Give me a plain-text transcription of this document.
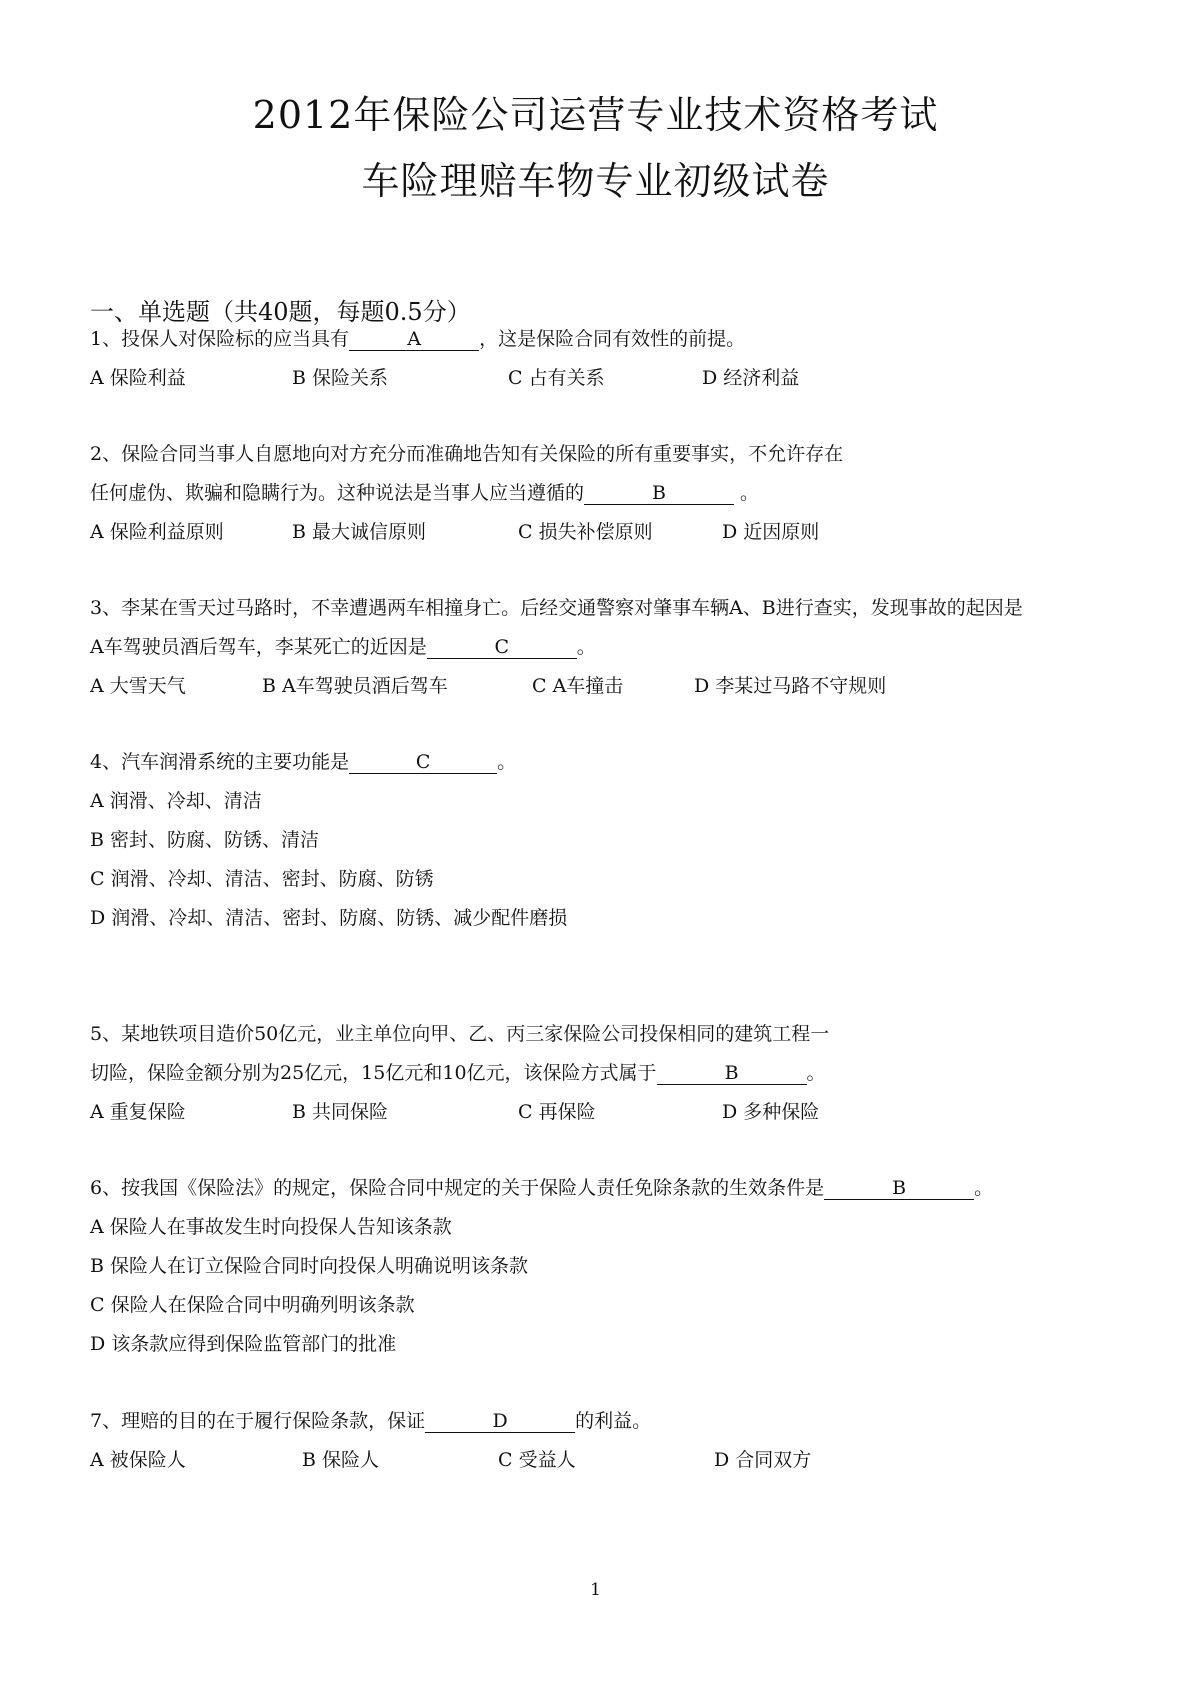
2012年保险公司运营专业技术资格考试
车险理赔车物专业初级试卷
一、单选题（共40题，每题0.5分）
1、投保人对保险标的应当具有	A	，这是保险合同有效性的前提。
A 保险利益	B 保险关系	C 占有关系	D 经济利益
2、保险合同当事人自愿地向对方充分而准确地告知有关保险的所有重要事实，不允许存在
任何虚伪、欺骗和隐瞒行为。这种说法是当事人应当遵循的	B	。
A 保险利益原则	B 最大诚信原则	C 损失补偿原则	D 近因原则
3、李某在雪天过马路时，不幸遭遇两车相撞身亡。后经交通警察对肇事车辆A、B进行查实，发现事故的起因是
A车驾驶员酒后驾车，李某死亡的近因是	C	。
A 大雪天气	B A车驾驶员酒后驾车	C A车撞击	D 李某过马路不守规则
4、汽车润滑系统的主要功能是	C	。
A 润滑、冷却、清洁
B 密封、防腐、防锈、清洁
C 润滑、冷却、清洁、密封、防腐、防锈
D 润滑、冷却、清洁、密封、防腐、防锈、减少配件磨损
5、某地铁项目造价50亿元，业主单位向甲、乙、丙三家保险公司投保相同的建筑工程一
切险，保险金额分别为25亿元，15亿元和10亿元，该保险方式属于	B	。
A 重复保险	B 共同保险	C 再保险	D 多种保险
6、按我国《保险法》的规定，保险合同中规定的关于保险人责任免除条款的生效条件是	B	。
A 保险人在事故发生时向投保人告知该条款
B 保险人在订立保险合同时向投保人明确说明该条款
C 保险人在保险合同中明确列明该条款
D 该条款应得到保险监管部门的批准
7、理赔的目的在于履行保险条款，保证	D	的利益。
A 被保险人	B 保险人	C 受益人	D 合同双方
1
